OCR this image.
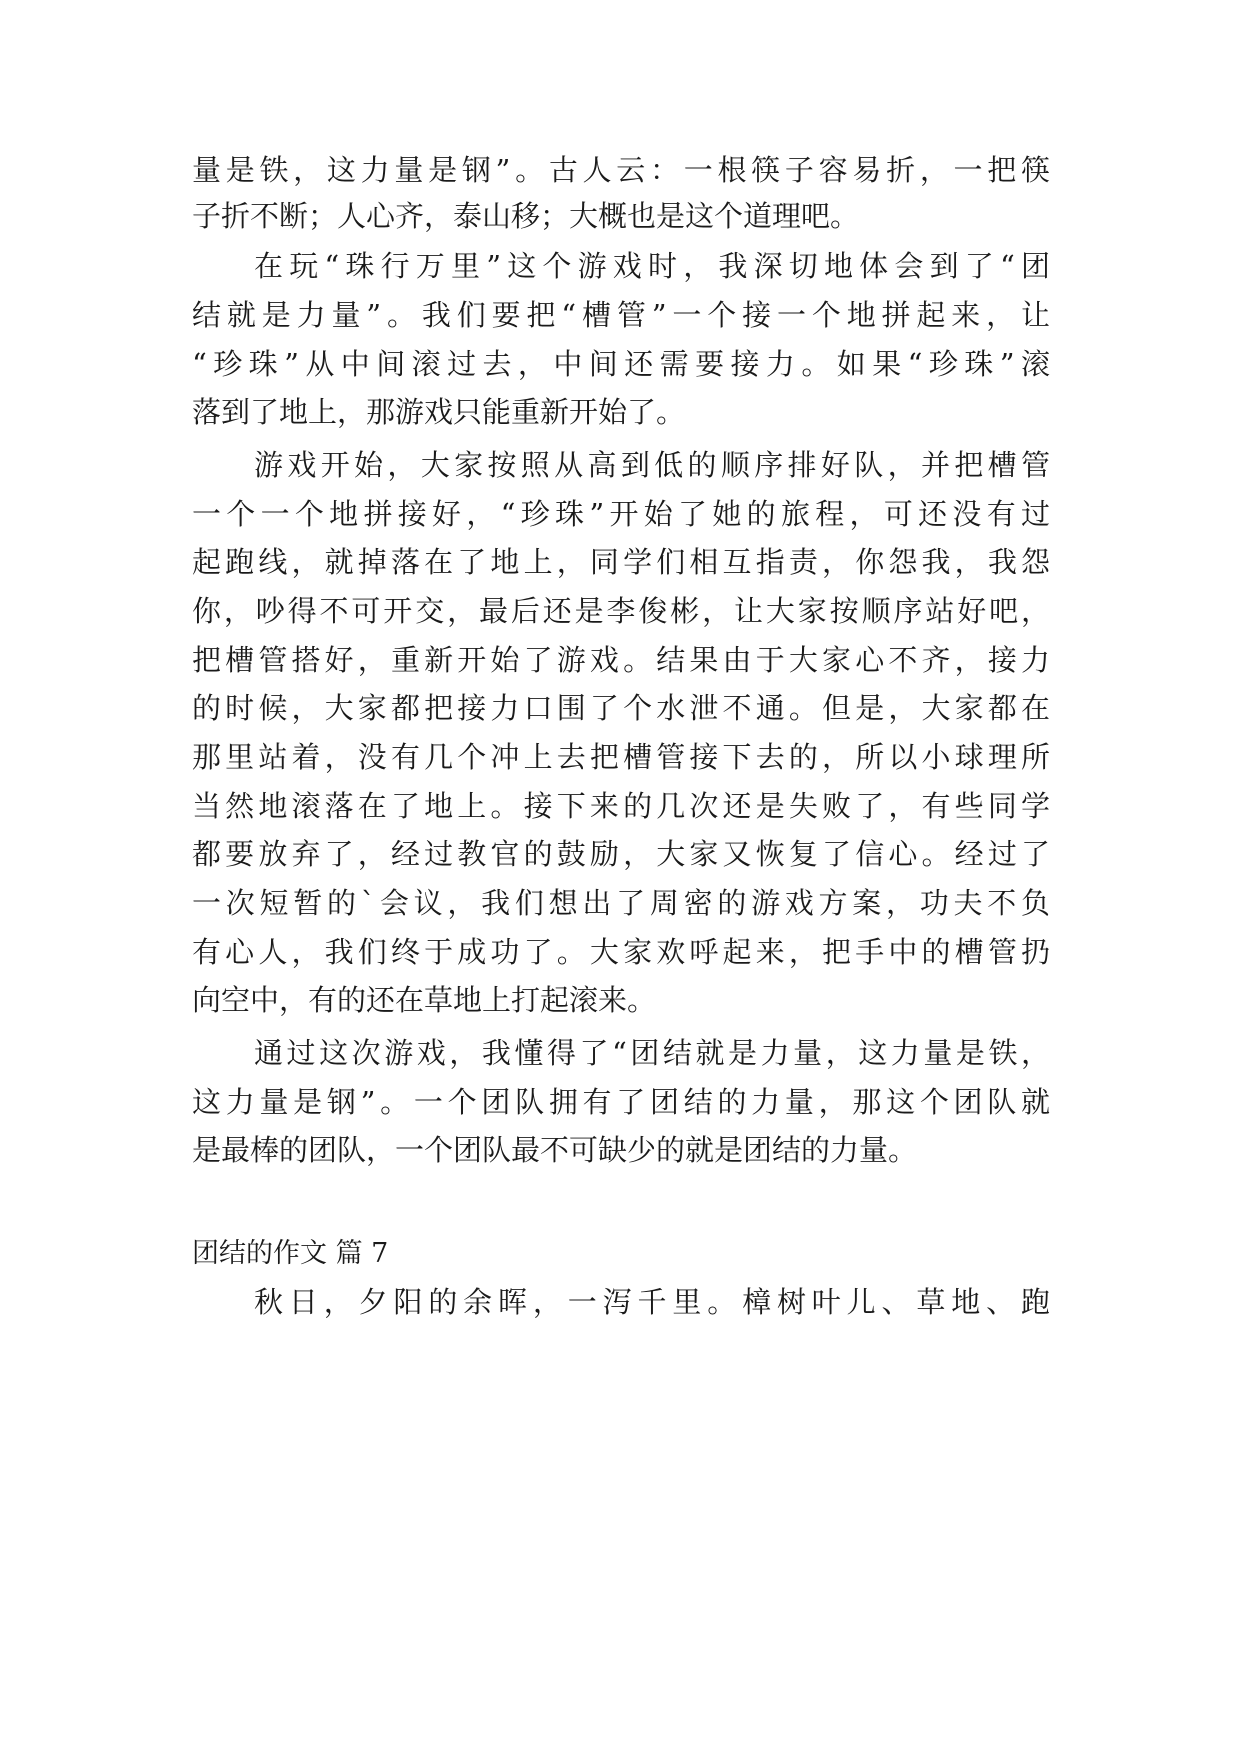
量是铁，这力量是钢”。古人云：一根筷子容易折，一把筷
子折不断；人心齐，泰山移；大概也是这个道理吧。
在玩“珠行万里”这个游戏时，我深切地体会到了“团
结就是力量”。我们要把“槽管”一个接一个地拼起来，让
“珍珠”从中间滚过去，中间还需要接力。如果“珍珠”滚
落到了地上，那游戏只能重新开始了。
游戏开始，大家按照从高到低的顺序排好队，并把槽管
一个一个地拼接好，“珍珠”开始了她的旅程，可还没有过
起跑线，就掉落在了地上，同学们相互指责，你怨我，我怨
你，吵得不可开交，最后还是李俊彬，让大家按顺序站好吧，
把槽管搭好，重新开始了游戏。结果由于大家心不齐，接力
的时候，大家都把接力口围了个水泄不通。但是，大家都在
那里站着，没有几个冲上去把槽管接下去的，所以小球理所
当然地滚落在了地上。接下来的几次还是失败了，有些同学
都要放弃了，经过教官的鼓励，大家又恢复了信心。经过了
一次短暂的`会议，我们想出了周密的游戏方案，功夫不负
有心人，我们终于成功了。大家欢呼起来，把手中的槽管扔
向空中，有的还在草地上打起滚来。
通过这次游戏，我懂得了“团结就是力量，这力量是铁，
这力量是钢”。一个团队拥有了团结的力量，那这个团队就
是最棒的团队，一个团队最不可缺少的就是团结的力量。
团结的作文 篇 7
秋日，夕阳的余晖，一泻千里。樟树叶儿、草地、跑
